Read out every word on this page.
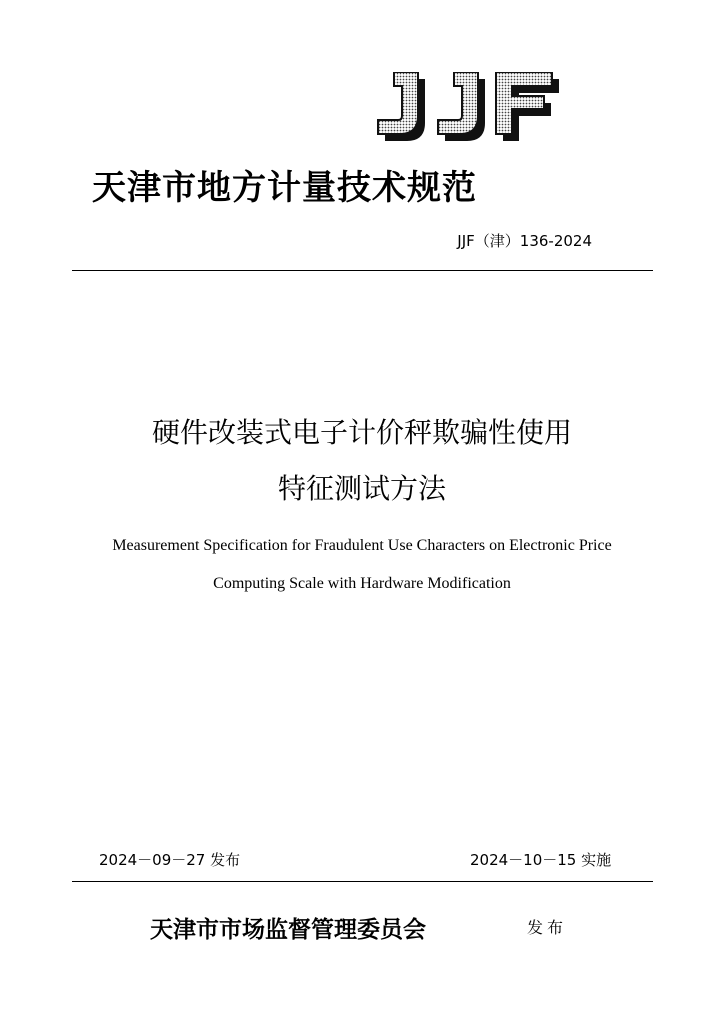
天津市地方计量技术规范
JJF（津）136-2024
硬件改装式电子计价秤欺骗性使用
特征测试方法
Measurement Specification for Fraudulent Use Characters on Electronic Price
Computing Scale with Hardware Modification
2024－09－27 发布	2024－10－15 实施
天津市市场监督管理委员会	发布
